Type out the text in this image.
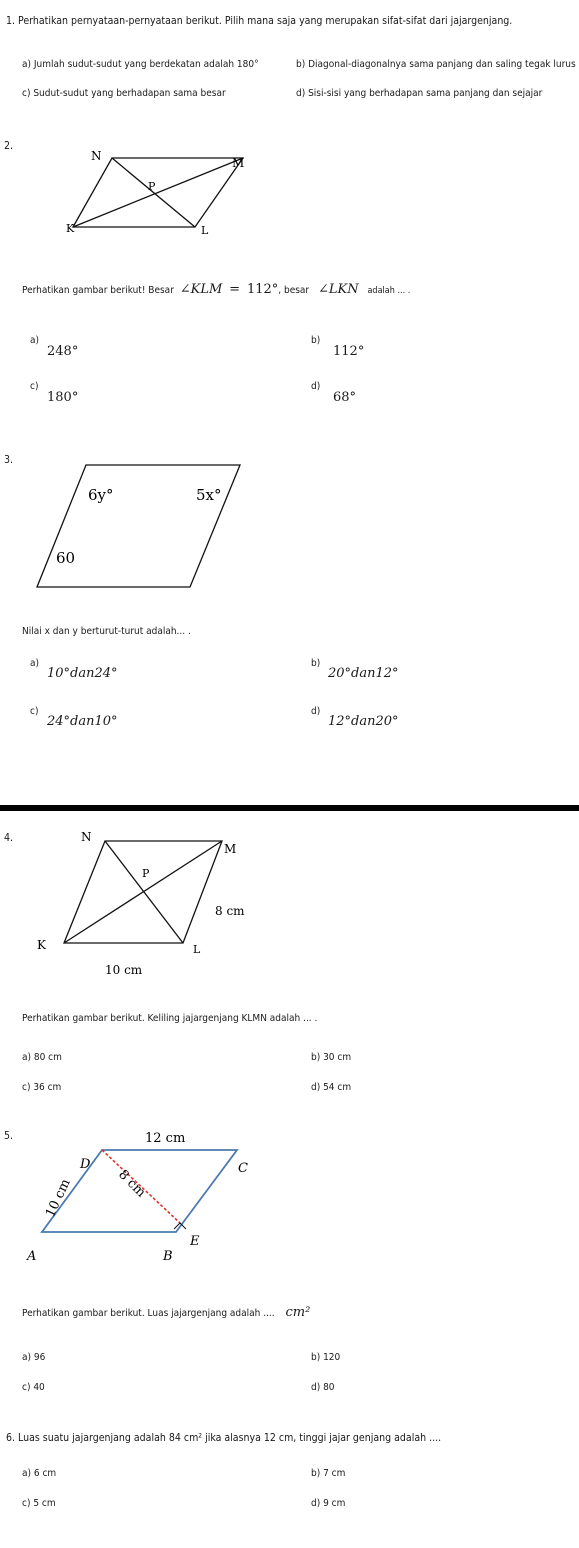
1. Perhatikan pernyataan-pernyataan berikut. Pilih mana saja yang merupakan sifat-sifat dari jajargenjang.
a) Jumlah sudut-sudut yang berdekatan adalah 180°	b) Diagonal-diagonalnya sama panjang dan saling tegak lurus
c) Sudut-sudut yang berhadapan sama besar	d) Sisi-sisi yang berhadapan sama panjang dan sejajar
2.
N	M
P
K	L
Perhatikan gambar berikut! Besar ∠KLM = 112°, besar ∠LKN adalah ... .
a)
248°
b)
112°
c)
180°
d)
68°
3.
6y°	5x°
60
Nilai x dan y berturut-turut adalah... .
a)
10°dan24°
b)
20°dan12°
c)
24°dan10°
d)
12°dan20°
4.	N
M
P
K	L
8 cm
10 cm
Perhatikan gambar berikut. Keliling jajargenjang KLMN adalah ... .
a) 80 cm	b) 30 cm
c) 36 cm	d) 54 cm
5.	12 cm
D	C
A	B
E
10 cm	8 cm
Perhatikan gambar berikut. Luas jajargenjang adalah .... cm²
a) 96	b) 120
c) 40	d) 80
6. Luas suatu jajargenjang adalah 84 cm² jika alasnya 12 cm, tinggi jajar genjang adalah ....
a) 6 cm	b) 7 cm
c) 5 cm	d) 9 cm
